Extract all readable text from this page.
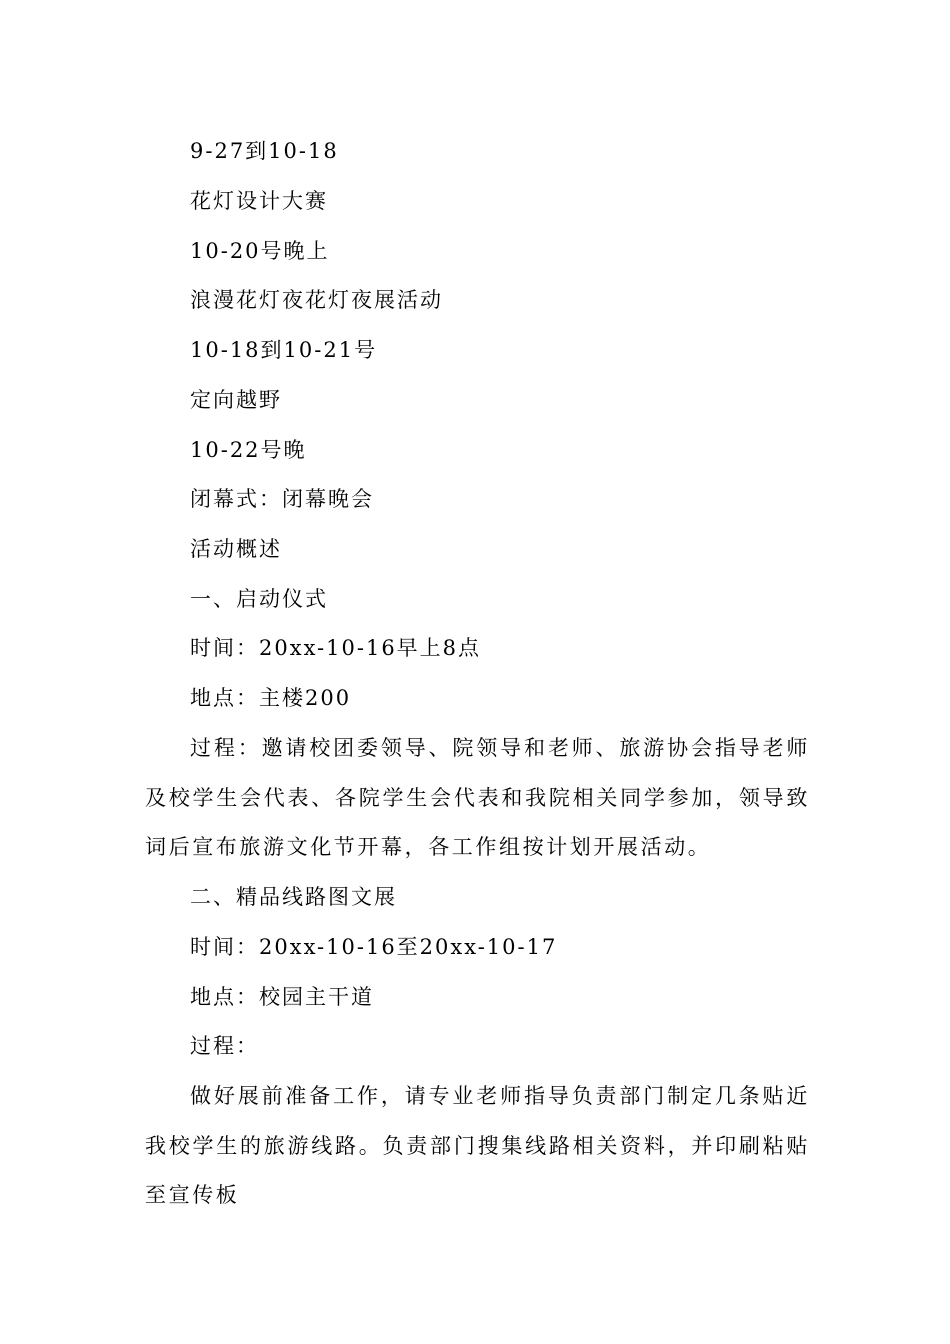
9-27到10-18
花灯设计大赛
10-20号晚上
浪漫花灯夜花灯夜展活动
10-18到10-21号
定向越野
10-22号晚
闭幕式：闭幕晚会
活动概述
一、启动仪式
时间：20xx-10-16早上8点
地点：主楼200
过程：邀请校团委领导、院领导和老师、旅游协会指导老师及校学生会代表、各院学生会代表和我院相关同学参加，领导致词后宣布旅游文化节开幕，各工作组按计划开展活动。
二、精品线路图文展
时间：20xx-10-16至20xx-10-17
地点：校园主干道
过程：
做好展前准备工作，请专业老师指导负责部门制定几条贴近我校学生的旅游线路。负责部门搜集线路相关资料，并印刷粘贴至宣传板
